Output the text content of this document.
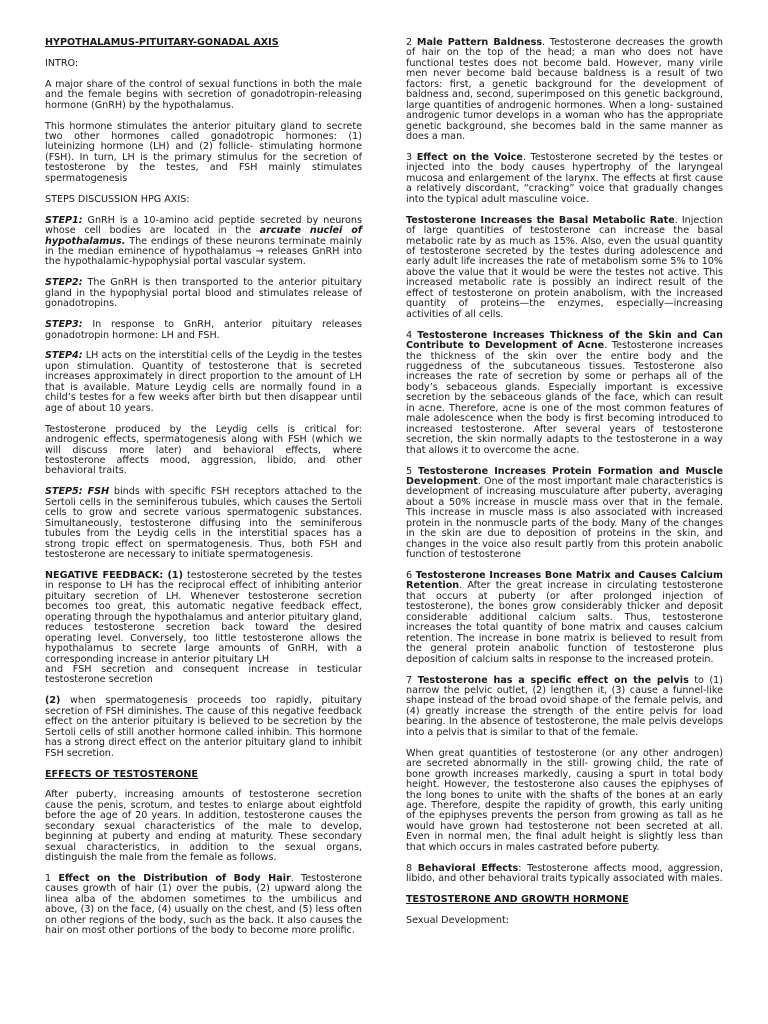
HYPOTHALAMUS-PITUITARY-GONADAL AXIS

INTRO:

A major share of the control of sexual functions in both the male and the female begins with secretion of gonadotropin-releasing hormone (GnRH) by the hypothalamus.

This hormone stimulates the anterior pituitary gland to secrete two other hormones called gonadotropic hormones: (1) luteinizing hormone (LH) and (2) follicle- stimulating hormone (FSH). In turn, LH is the primary stimulus for the secretion of testosterone by the testes, and FSH mainly stimulates spermatogenesis

STEPS DISCUSSION HPG AXIS:

STEP1: GnRH is a 10-amino acid peptide secreted by neurons whose cell bodies are located in the arcuate nuclei of hypothalamus. The endings of these neurons terminate mainly in the median eminence of hypothalamus → releases GnRH into the hypothalamic-hypophysial portal vascular system.

STEP2: The GnRH is then transported to the anterior pituitary gland in the hypophysial portal blood and stimulates release of gonadotropins.

STEP3: In response to GnRH, anterior pituitary releases gonadotropin hormone: LH and FSH.

STEP4: LH acts on the interstitial cells of the Leydig in the testes upon stimulation. Quantity of testosterone that is secreted increases approximately in direct proportion to the amount of LH that is available. Mature Leydig cells are normally found in a child’s testes for a few weeks after birth but then disappear until age of about 10 years.

Testosterone produced by the Leydig cells is critical for: androgenic effects, spermatogenesis along with FSH (which we will discuss more later) and behavioral effects, where testosterone affects mood, aggression, libido, and other behavioral traits.

STEP5: FSH binds with specific FSH receptors attached to the Sertoli cells in the seminiferous tubules, which causes the Sertoli cells to grow and secrete various spermatogenic substances. Simultaneously, testosterone diffusing into the seminiferous tubules from the Leydig cells in the interstitial spaces has a strong tropic effect on spermatogenesis. Thus, both FSH and testosterone are necessary to initiate spermatogenesis.

NEGATIVE FEEDBACK: (1) testosterone secreted by the testes in response to LH has the reciprocal effect of inhibiting anterior pituitary secretion of LH. Whenever testosterone secretion becomes too great, this automatic negative feedback effect, operating through the hypothalamus and anterior pituitary gland, reduces testosterone secretion back toward the desired operating level. Conversely, too little testosterone allows the hypothalamus to secrete large amounts of GnRH, with a corresponding increase in anterior pituitary LH

and FSH secretion and consequent increase in testicular testosterone secretion

(2) when spermatogenesis proceeds too rapidly, pituitary secretion of FSH diminishes. The cause of this negative feedback effect on the anterior pituitary is believed to be secretion by the Sertoli cells of still another hormone called inhibin. This hormone has a strong direct effect on the anterior pituitary gland to inhibit FSH secretion.

EFFECTS OF TESTOSTERONE

After puberty, increasing amounts of testosterone secretion cause the penis, scrotum, and testes to enlarge about eightfold before the age of 20 years. In addition, testosterone causes the secondary sexual characteristics of the male to develop, beginning at puberty and ending at maturity. These secondary sexual characteristics, in addition to the sexual organs, distinguish the male from the female as follows.

1 Effect on the Distribution of Body Hair. Testosterone causes growth of hair (1) over the pubis, (2) upward along the linea alba of the abdomen sometimes to the umbilicus and above, (3) on the face, (4) usually on the chest, and (5) less often on other regions of the body, such as the back. It also causes the hair on most other portions of the body to become more prolific.

2 Male Pattern Baldness. Testosterone decreases the growth of hair on the top of the head; a man who does not have functional testes does not become bald. However, many virile men never become bald because baldness is a result of two factors: first, a genetic background for the development of baldness and, second, superimposed on this genetic background, large quantities of androgenic hormones. When a long- sustained androgenic tumor develops in a woman who has the appropriate genetic background, she becomes bald in the same manner as does a man.

3 Effect on the Voice. Testosterone secreted by the testes or injected into the body causes hypertrophy of the laryngeal mucosa and enlargement of the larynx. The effects at first cause a relatively discordant, “cracking” voice that gradually changes into the typical adult masculine voice.

Testosterone Increases the Basal Metabolic Rate. Injection of large quantities of testosterone can increase the basal metabolic rate by as much as 15%. Also, even the usual quantity of testosterone secreted by the testes during adolescence and early adult life increases the rate of metabolism some 5% to 10% above the value that it would be were the testes not active. This increased metabolic rate is possibly an indirect result of the effect of testosterone on protein anabolism, with the increased quantity of proteins—the enzymes, especially—increasing activities of all cells.

4 Testosterone Increases Thickness of the Skin and Can Contribute to Development of Acne. Testosterone increases the thickness of the skin over the entire body and the ruggedness of the subcutaneous tissues. Testosterone also increases the rate of secretion by some or perhaps all of the body’s sebaceous glands. Especially important is excessive secretion by the sebaceous glands of the face, which can result in acne. Therefore, acne is one of the most common features of male adolescence when the body is first becoming introduced to increased testosterone. After several years of testosterone secretion, the skin normally adapts to the testosterone in a way that allows it to overcome the acne.

5 Testosterone Increases Protein Formation and Muscle Development. One of the most important male characteristics is development of increasing musculature after puberty, averaging about a 50% increase in muscle mass over that in the female. This increase in muscle mass is also associated with increased protein in the nonmuscle parts of the body. Many of the changes in the skin are due to deposition of proteins in the skin, and changes in the voice also result partly from this protein anabolic function of testosterone

6 Testosterone Increases Bone Matrix and Causes Calcium Retention. After the great increase in circulating testosterone that occurs at puberty (or after prolonged injection of testosterone), the bones grow considerably thicker and deposit considerable additional calcium salts. Thus, testosterone increases the total quantity of bone matrix and causes calcium retention. The increase in bone matrix is believed to result from the general protein anabolic function of testosterone plus deposition of calcium salts in response to the increased protein.

7 Testosterone has a specific effect on the pelvis to (1) narrow the pelvic outlet, (2) lengthen it, (3) cause a funnel-like shape instead of the broad ovoid shape of the female pelvis, and (4) greatly increase the strength of the entire pelvis for load bearing. In the absence of testosterone, the male pelvis develops into a pelvis that is similar to that of the female.

When great quantities of testosterone (or any other androgen) are secreted abnormally in the still- growing child, the rate of bone growth increases markedly, causing a spurt in total body height. However, the testosterone also causes the epiphyses of the long bones to unite with the shafts of the bones at an early age. Therefore, despite the rapidity of growth, this early uniting of the epiphyses prevents the person from growing as tall as he would have grown had testosterone not been secreted at all. Even in normal men, the final adult height is slightly less than that which occurs in males castrated before puberty.

8 Behavioral Effects: Testosterone affects mood, aggression, libido, and other behavioral traits typically associated with males.

TESTOSTERONE AND GROWTH HORMONE

Sexual Development:
